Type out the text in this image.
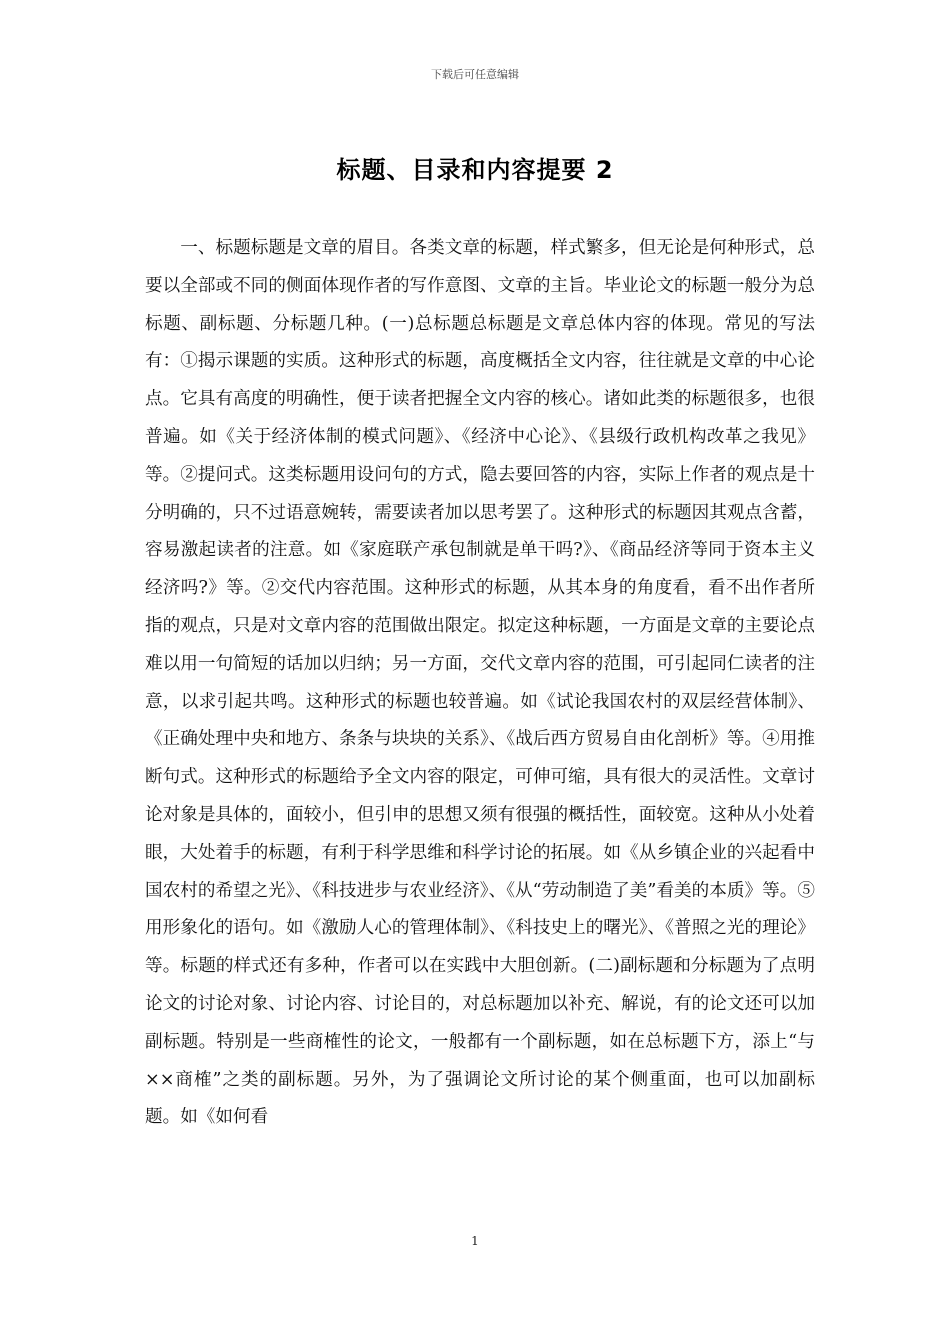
下载后可任意编辑
标题、目录和内容提要 2

一、标题标题是文章的眉目。各类文章的标题，样式繁多，但无论是何种形式，总要以全部或不同的侧面体现作者的写作意图、文章的主旨。毕业论文的标题一般分为总标题、副标题、分标题几种。(一)总标题总标题是文章总体内容的体现。常见的写法有：①揭示课题的实质。这种形式的标题，高度概括全文内容，往往就是文章的中心论点。它具有高度的明确性，便于读者把握全文内容的核心。诸如此类的标题很多，也很普遍。如《关于经济体制的模式问题》、《经济中心论》、《县级行政机构改革之我见》等。②提问式。这类标题用设问句的方式，隐去要回答的内容，实际上作者的观点是十分明确的，只不过语意婉转，需要读者加以思考罢了。这种形式的标题因其观点含蓄，容易激起读者的注意。如《家庭联产承包制就是单干吗?》、《商品经济等同于资本主义经济吗?》等。②交代内容范围。这种形式的标题，从其本身的角度看，看不出作者所指的观点，只是对文章内容的范围做出限定。拟定这种标题，一方面是文章的主要论点难以用一句简短的话加以归纳；另一方面，交代文章内容的范围，可引起同仁读者的注意，以求引起共鸣。这种形式的标题也较普遍。如《试论我国农村的双层经营体制》、《正确处理中央和地方、条条与块块的关系》、《战后西方贸易自由化剖析》等。④用推断句式。这种形式的标题给予全文内容的限定，可伸可缩，具有很大的灵活性。文章讨论对象是具体的，面较小，但引申的思想又须有很强的概括性，面较宽。这种从小处着眼，大处着手的标题，有利于科学思维和科学讨论的拓展。如《从乡镇企业的兴起看中国农村的希望之光》、《科技进步与农业经济》、《从“劳动制造了美”看美的本质》等。⑤用形象化的语句。如《激励人心的管理体制》、《科技史上的曙光》、《普照之光的理论》等。标题的样式还有多种，作者可以在实践中大胆创新。(二)副标题和分标题为了点明论文的讨论对象、讨论内容、讨论目的，对总标题加以补充、解说，有的论文还可以加副标题。特别是一些商榷性的论文，一般都有一个副标题，如在总标题下方，添上“与××商榷”之类的副标题。另外，为了强调论文所讨论的某个侧重面，也可以加副标题。如《如何看

1
